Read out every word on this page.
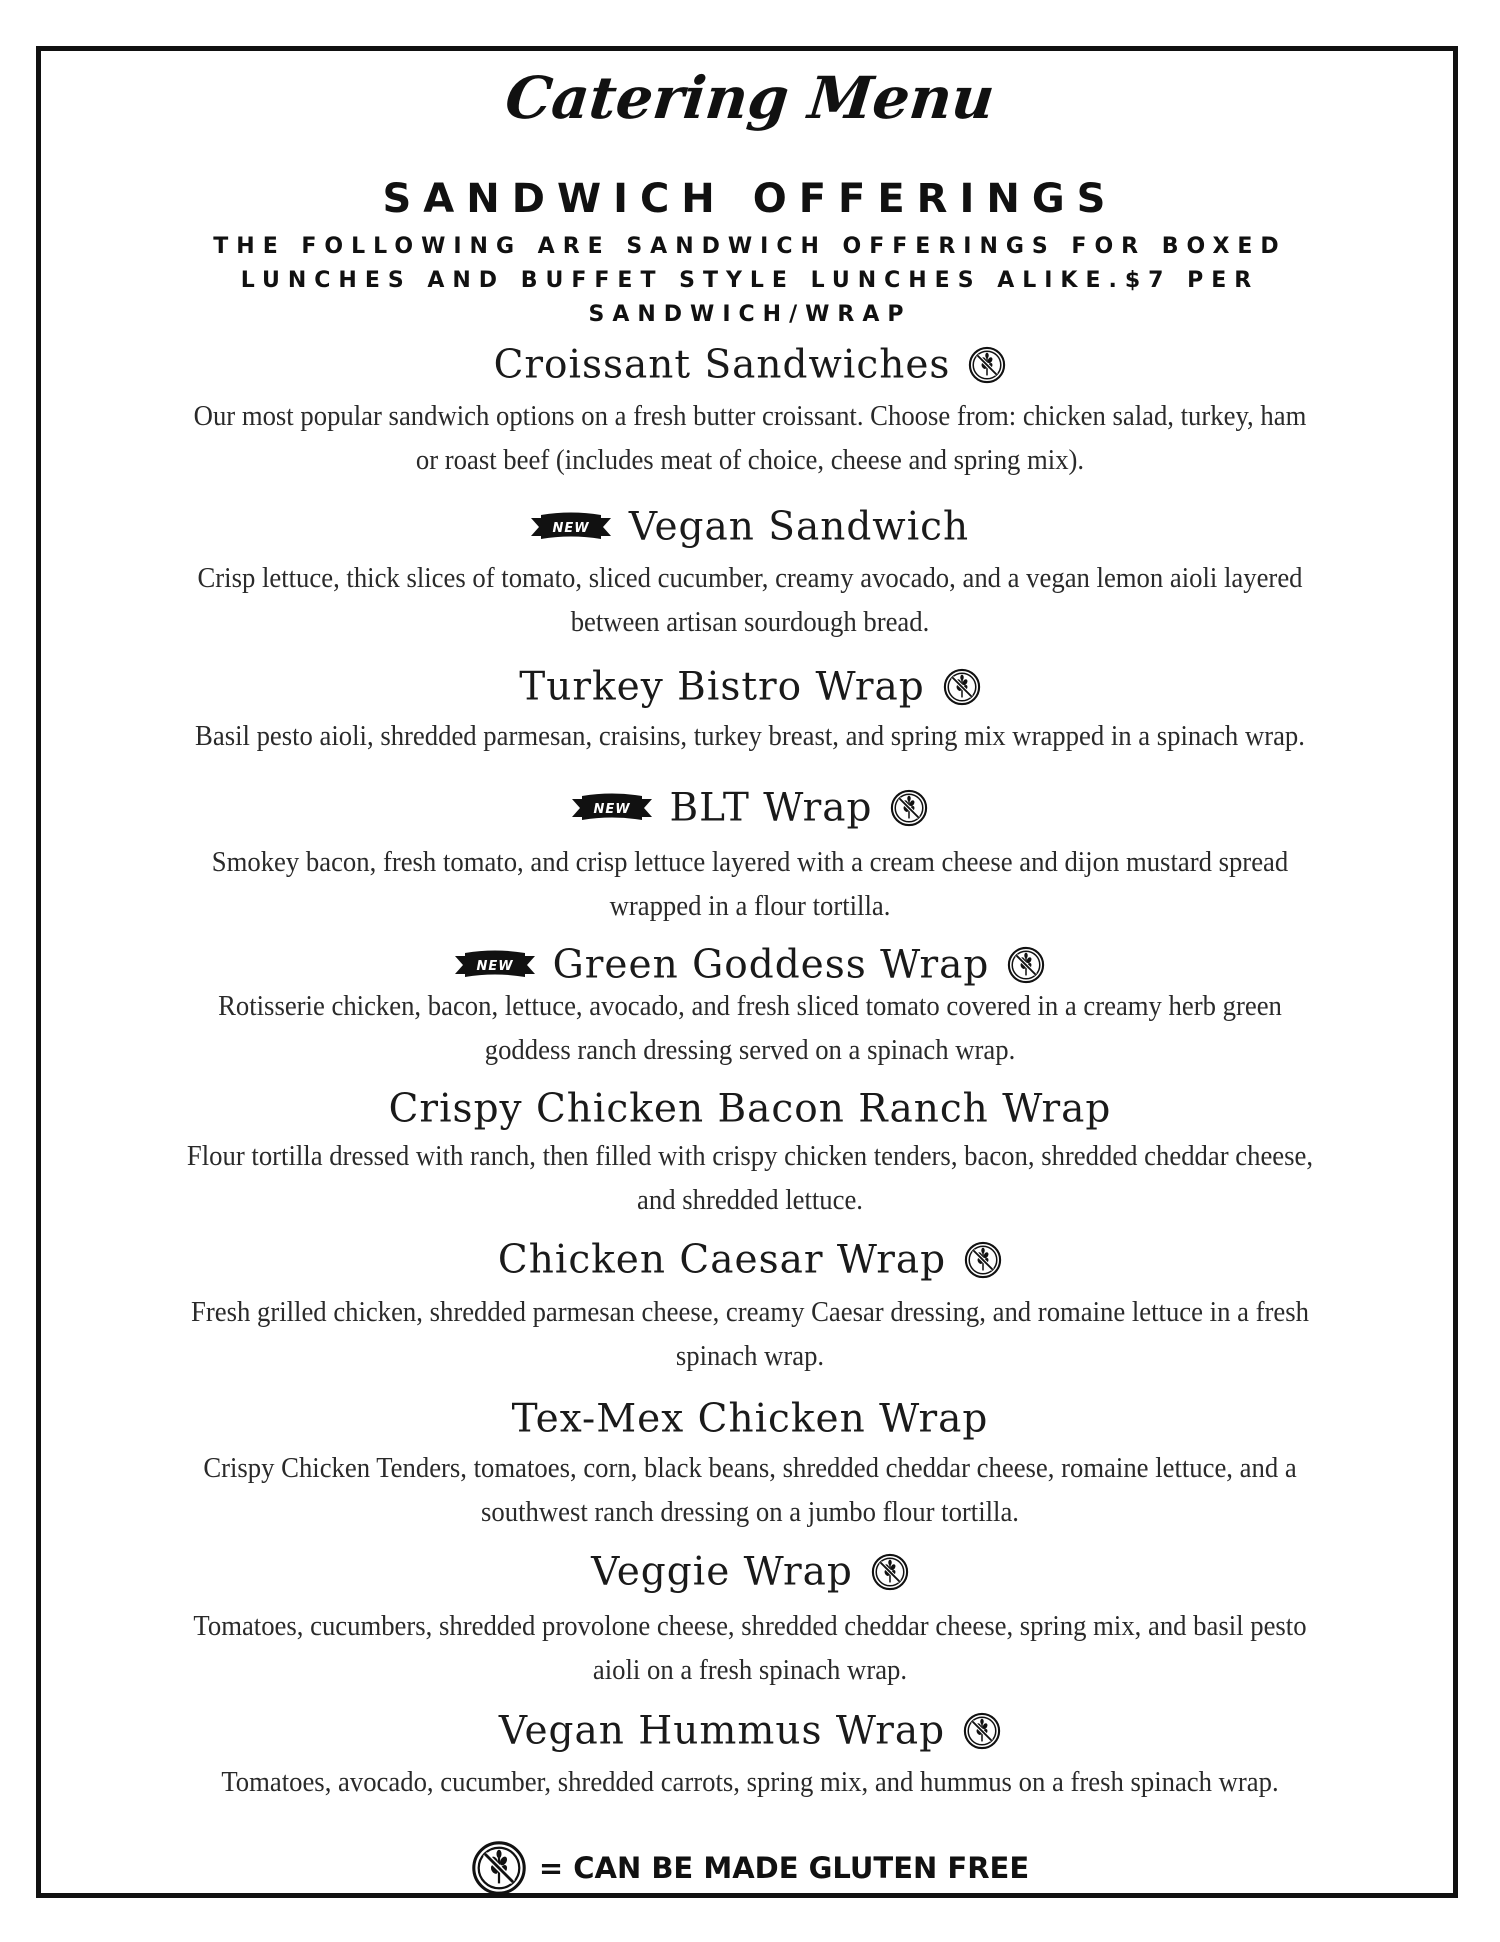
Catering Menu
SANDWICH OFFERINGS
THE FOLLOWING ARE SANDWICH OFFERINGS FOR BOXED LUNCHES AND BUFFET STYLE LUNCHES ALIKE.$7 PER SANDWICH/WRAP
Croissant Sandwiches
Our most popular sandwich options on a fresh butter croissant. Choose from: chicken salad, turkey, ham or roast beef (includes meat of choice, cheese and spring mix).
Vegan Sandwich
Crisp lettuce, thick slices of tomato, sliced cucumber, creamy avocado, and a vegan lemon aioli layered between artisan sourdough bread.
Turkey Bistro Wrap
Basil pesto aioli, shredded parmesan, craisins, turkey breast, and spring mix wrapped in a spinach wrap.
BLT Wrap
Smokey bacon, fresh tomato, and crisp lettuce layered with a cream cheese and dijon mustard spread wrapped in a flour tortilla.
Green Goddess Wrap
Rotisserie chicken, bacon, lettuce, avocado, and fresh sliced tomato covered in a creamy herb green goddess ranch dressing served on a spinach wrap.
Crispy Chicken Bacon Ranch Wrap
Flour tortilla dressed with ranch, then filled with crispy chicken tenders, bacon, shredded cheddar cheese, and shredded lettuce.
Chicken Caesar Wrap
Fresh grilled chicken, shredded parmesan cheese, creamy Caesar dressing, and romaine lettuce in a fresh spinach wrap.
Tex-Mex Chicken Wrap
Crispy Chicken Tenders, tomatoes, corn, black beans, shredded cheddar cheese, romaine lettuce, and a southwest ranch dressing on a jumbo flour tortilla.
Veggie Wrap
Tomatoes, cucumbers, shredded provolone cheese, shredded cheddar cheese, spring mix, and basil pesto aioli on a fresh spinach wrap.
Vegan Hummus Wrap
Tomatoes, avocado, cucumber, shredded carrots, spring mix, and hummus on a fresh spinach wrap.
= CAN BE MADE GLUTEN FREE
